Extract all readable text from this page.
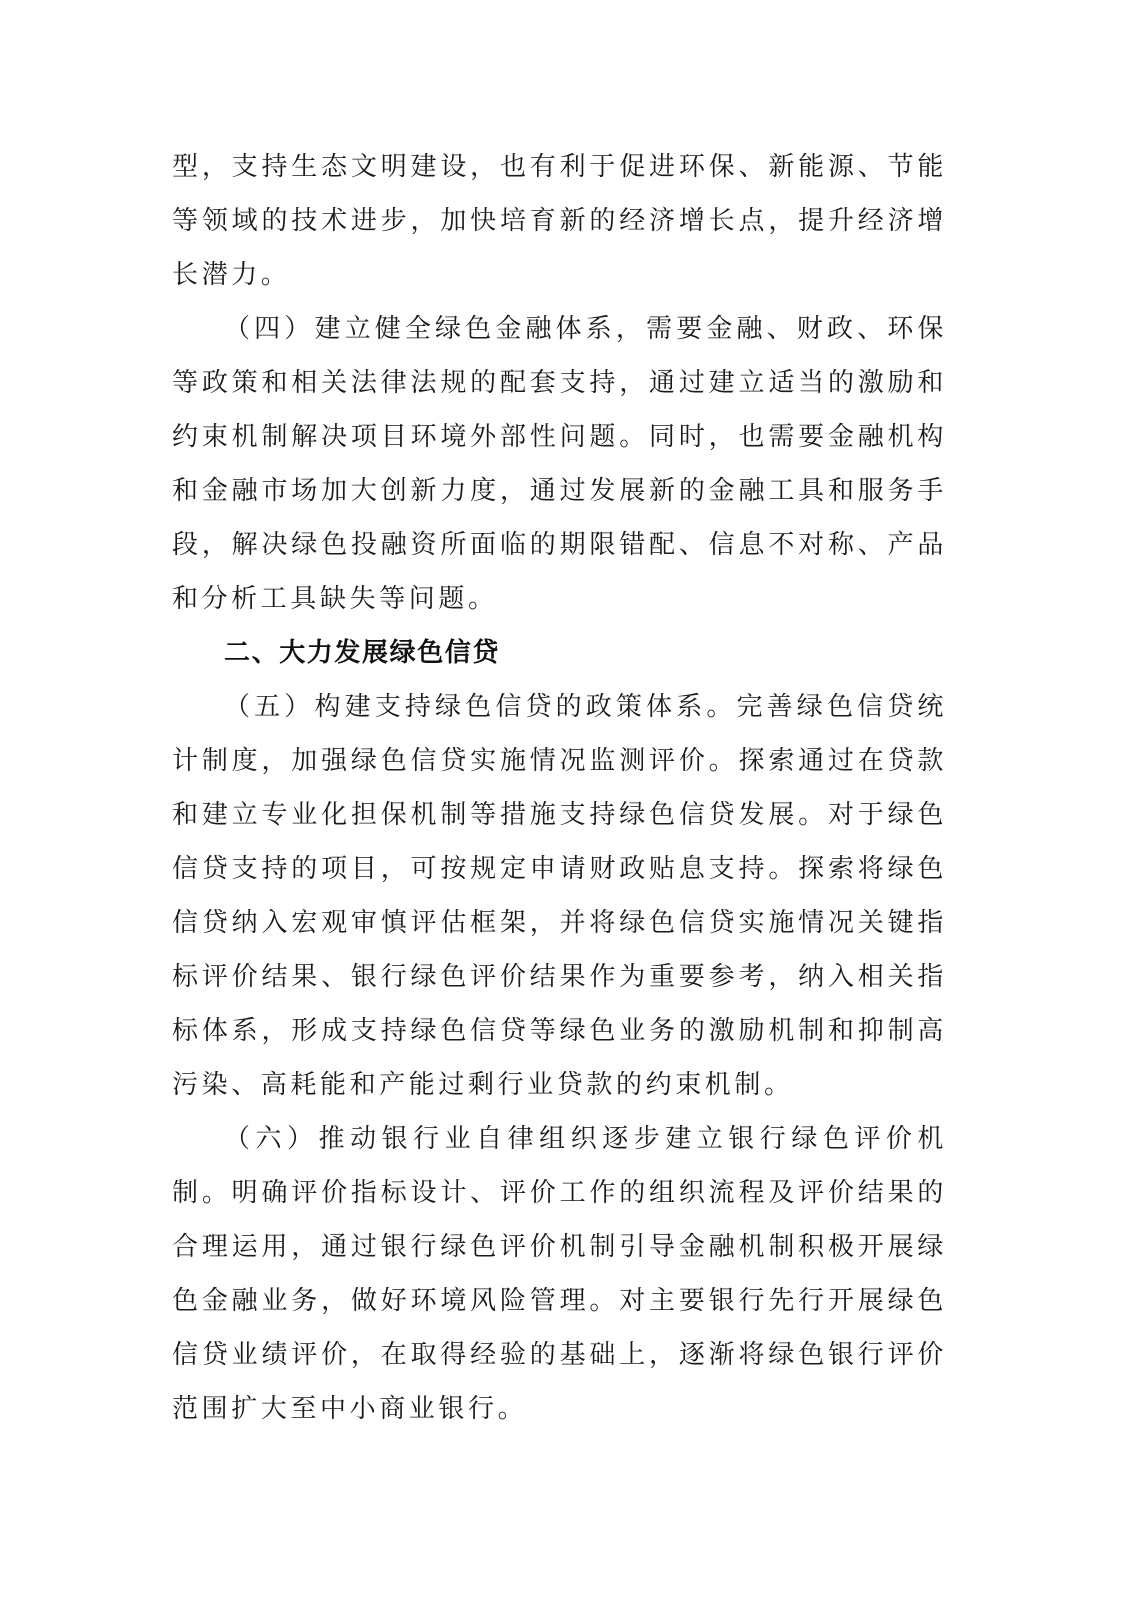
型，支持生态文明建设，也有利于促进环保、新能源、节能等领域的技术进步，加快培育新的经济增长点，提升经济增长潜力。

（四）建立健全绿色金融体系，需要金融、财政、环保等政策和相关法律法规的配套支持，通过建立适当的激励和约束机制解决项目环境外部性问题。同时，也需要金融机构和金融市场加大创新力度，通过发展新的金融工具和服务手段，解决绿色投融资所面临的期限错配、信息不对称、产品和分析工具缺失等问题。

二、大力发展绿色信贷

（五）构建支持绿色信贷的政策体系。完善绿色信贷统计制度，加强绿色信贷实施情况监测评价。探索通过在贷款和建立专业化担保机制等措施支持绿色信贷发展。对于绿色信贷支持的项目，可按规定申请财政贴息支持。探索将绿色信贷纳入宏观审慎评估框架，并将绿色信贷实施情况关键指标评价结果、银行绿色评价结果作为重要参考，纳入相关指标体系，形成支持绿色信贷等绿色业务的激励机制和抑制高污染、高耗能和产能过剩行业贷款的约束机制。

（六）推动银行业自律组织逐步建立银行绿色评价机制。明确评价指标设计、评价工作的组织流程及评价结果的合理运用，通过银行绿色评价机制引导金融机制积极开展绿色金融业务，做好环境风险管理。对主要银行先行开展绿色信贷业绩评价，在取得经验的基础上，逐渐将绿色银行评价范围扩大至中小商业银行。
